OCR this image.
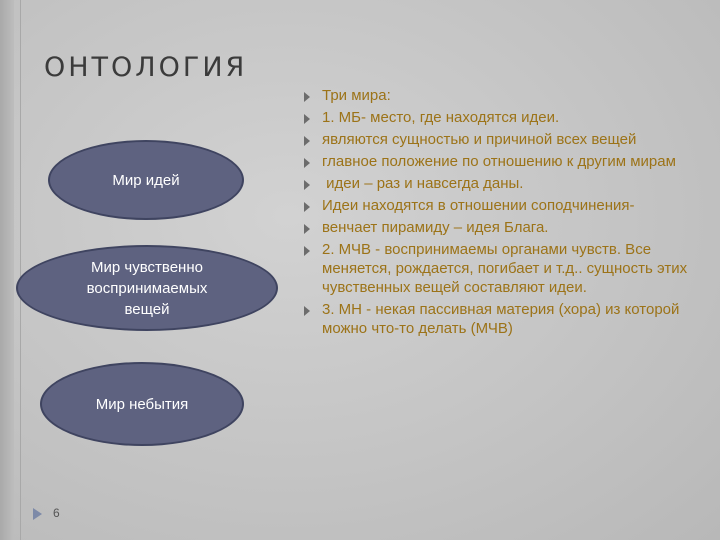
ОНТОЛОГИЯ
Мир идей
Мир чувственно воспринимаемых вещей
Мир небытия
Три мира:
1. МБ- место, где находятся идеи.
являются сущностью и причиной всех вещей
главное положение по отношению к другим мирам
идеи – раз и навсегда даны.
Идеи находятся в отношении соподчинения-
венчает пирамиду – идея Блага.
2. МЧВ - воспринимаемы органами чувств. Все меняется, рождается, погибает и т.д.. сущность этих чувственных вещей составляют идеи.
3. МН - некая пассивная материя (хора) из которой можно что-то делать (МЧВ)
6
